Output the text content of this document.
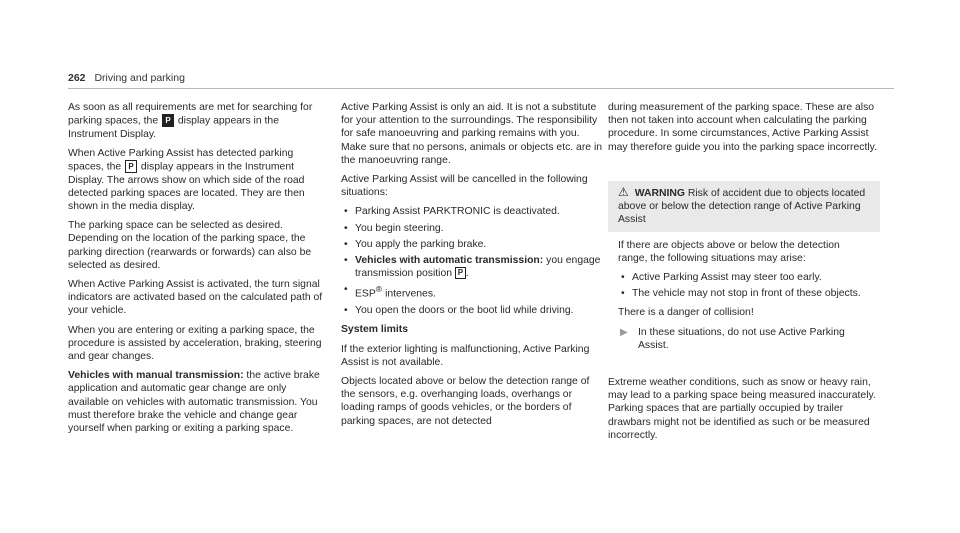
262 Driving and parking

As soon as all requirements are met for searching for parking spaces, the P display appears in the Instrument Display.

When Active Parking Assist has detected parking spaces, the P display appears in the Instrument Display. The arrows show on which side of the road detected parking spaces are located. They are then shown in the media display.

The parking space can be selected as desired. Depending on the location of the parking space, the parking direction (rearwards or forwards) can also be selected as desired.

When Active Parking Assist is activated, the turn signal indicators are activated based on the calculated path of your vehicle.

When you are entering or exiting a parking space, the procedure is assisted by acceleration, braking, steering and gear changes.

Vehicles with manual transmission: the active brake application and automatic gear change are only available on vehicles with automatic transmission. You must therefore brake the vehicle and change gear yourself when parking or exiting a parking space.

Active Parking Assist is only an aid. It is not a substitute for your attention to the surroundings. The responsibility for safe manoeuvring and parking remains with you. Make sure that no persons, animals or objects etc. are in the manoeuvring range.

Active Parking Assist will be cancelled in the following situations:

• Parking Assist PARKTRONIC is deactivated.
• You begin steering.
• You apply the parking brake.
• Vehicles with automatic transmission: you engage transmission position P .
• ESP® intervenes.
• You open the doors or the boot lid while driving.

System limits

If the exterior lighting is malfunctioning, Active Parking Assist is not available.

Objects located above or below the detection range of the sensors, e.g. overhanging loads, overhangs or loading ramps of goods vehicles, or the borders of parking spaces, are not detected

during measurement of the parking space. These are also then not taken into account when calculating the parking procedure. In some circumstances, Active Parking Assist may therefore guide you into the parking space incorrectly.

⚠ WARNING Risk of accident due to objects located above or below the detection range of Active Parking Assist

If there are objects above or below the detection range, the following situations may arise:

• Active Parking Assist may steer too early.
• The vehicle may not stop in front of these objects.

There is a danger of collision!

▶ In these situations, do not use Active Parking Assist.

Extreme weather conditions, such as snow or heavy rain, may lead to a parking space being measured inaccurately. Parking spaces that are partially occupied by trailer drawbars might not be identified as such or be measured incorrectly.
